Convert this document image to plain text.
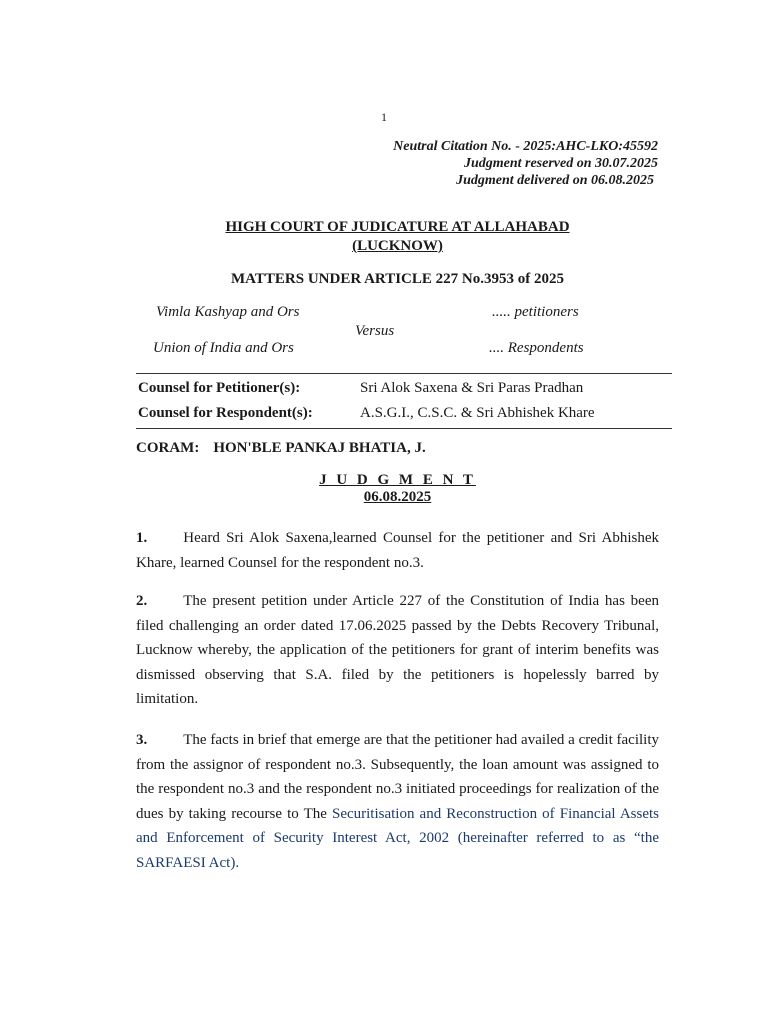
1
Neutral Citation No. - 2025:AHC-LKO:45592
Judgment reserved on 30.07.2025
Judgment delivered on 06.08.2025
HIGH COURT OF JUDICATURE AT ALLAHABAD
(LUCKNOW)
MATTERS UNDER ARTICLE 227 No.3953 of 2025
Vimla Kashyap and Ors	..... petitioners
Versus
Union of India and Ors	.... Respondents
Counsel for Petitioner(s):	Sri Alok Saxena & Sri Paras Pradhan
Counsel for Respondent(s):	A.S.G.I., C.S.C. & Sri Abhishek Khare
CORAM: HON'BLE PANKAJ BHATIA, J.
J U D G M E N T
06.08.2025
1. Heard Sri Alok Saxena,learned Counsel for the petitioner and Sri Abhishek Khare, learned Counsel for the respondent no.3.
2. The present petition under Article 227 of the Constitution of India has been filed challenging an order dated 17.06.2025 passed by the Debts Recovery Tribunal, Lucknow whereby, the application of the petitioners for grant of interim benefits was dismissed observing that S.A. filed by the petitioners is hopelessly barred by limitation.
3. The facts in brief that emerge are that the petitioner had availed a credit facility from the assignor of respondent no.3. Subsequently, the loan amount was assigned to the respondent no.3 and the respondent no.3 initiated proceedings for realization of the dues by taking recourse to The Securitisation and Reconstruction of Financial Assets and Enforcement of Security Interest Act, 2002 (hereinafter referred to as “the SARFAESI Act).
